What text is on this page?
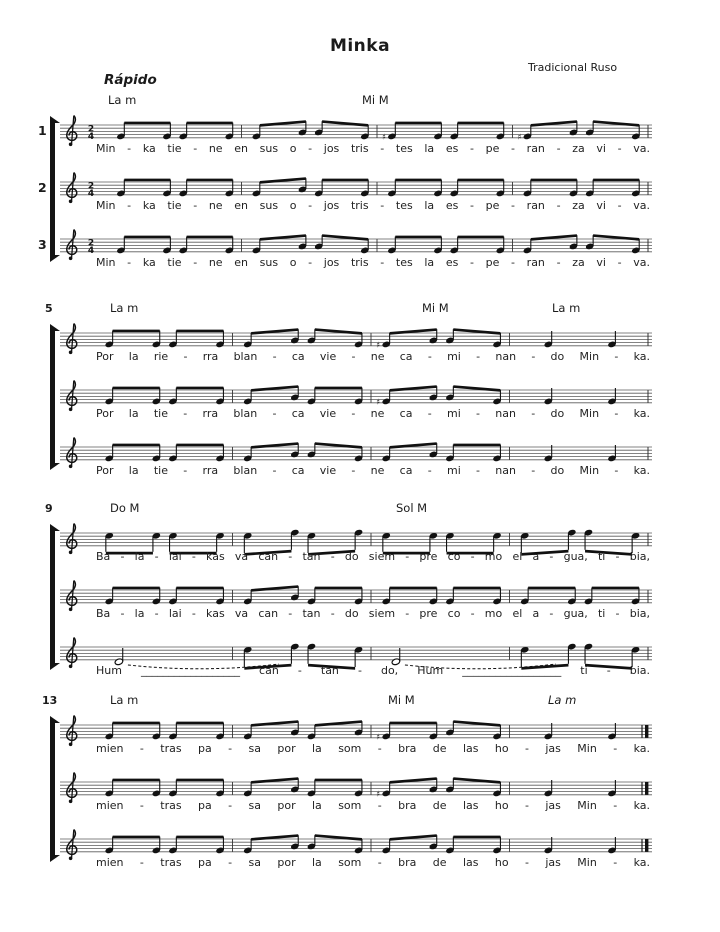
Minka
Tradicional Ruso
Rápido
La m	Mi M
1	2
4	♯	♯
Min - ka tie - ne en sus o - jos tris - tes la es - pe - ran - za vi - va.
2	2
4
Min - ka tie - ne en sus o - jos tris - tes la es - pe - ran - za vi - va.
3	2
4
Min - ka tie - ne en sus o - jos tris - tes la es - pe - ran - za vi - va.
5	La m	Mi M	La m
♯
Por la rie - rra blan - ca vie - ne ca - mi - nan - do Min - ka.
♯
Por la tie - rra blan - ca vie - ne ca - mi - nan - do Min - ka.
Por la tie - rra blan - ca vie - ne ca - mi - nan - do Min - ka.
9	Do M	Sol M
Ba - la - lai - kas va can - tan - do siem - pre co - mo el a - gua, ti - bia,
Ba - la - lai - kas va can - tan - do siem - pre co - mo el a - gua, ti - bia,
Hum __________________ can - tan - do, Hum __________________ ti - bia.
13	La m	Mi M	La m
♯
mien - tras pa - sa por la som - bra de las ho - jas Min - ka.
♯
mien - tras pa - sa por la som - bra de las ho - jas Min - ka.
mien - tras pa - sa por la som - bra de las ho - jas Min - ka.
